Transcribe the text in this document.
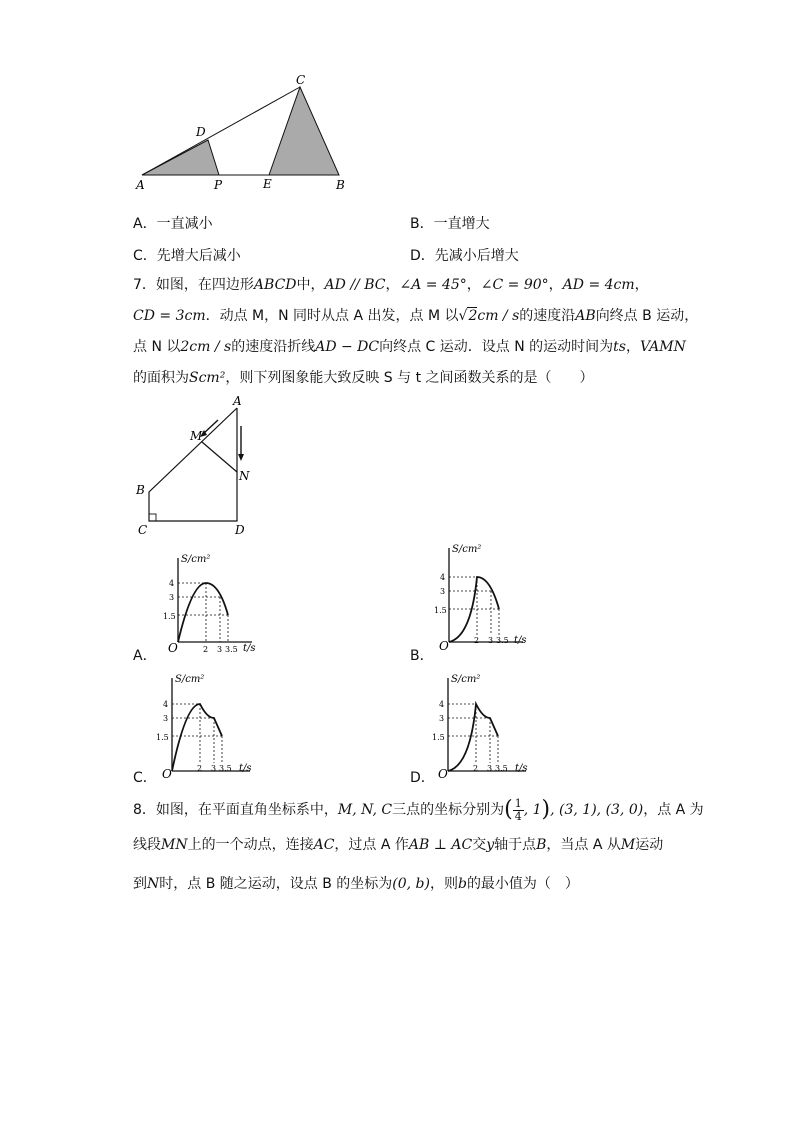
A	P	E	B
D
C
A．一直减小	B．一直增大
C．先增大后减小	D．先减小后增大
7．如图，在四边形ABCD中，AD // BC，∠A = 45°，∠C = 90°，AD = 4cm，
CD = 3cm．动点 M，N 同时从点 A 出发，点 M 以√2cm / s的速度沿AB向终点 B 运动，
点 N 以2cm / s的速度沿折线AD − DC向终点 C 运动．设点 N 的运动时间为ts，VAMN
的面积为Scm²，则下列图象能大致反映 S 与 t 之间函数关系的是（　　）
A
M
N
B
C	D
S/cm²
t/s
O
4
3
1.5
2 3 3.5
A．
S/cm²
t/s
O
4
3
1.5
2 3 3.5
B．
S/cm²
t/s
O
4
3
1.5
2 3 3.5
C．
S/cm²
t/s
O
4
3
1.5
2 3 3.5
D．
8．如图，在平面直角坐标系中，M, N, C三点的坐标分别为( $\frac{1}{4}$ , 1), (3, 1), (3, 0)，点 A 为
线段MN上的一个动点，连接AC，过点 A 作AB ⊥ AC交y轴于点B，当点 A 从M运动
到N时，点 B 随之运动，设点 B 的坐标为(0, b)，则b的最小值为（　）
